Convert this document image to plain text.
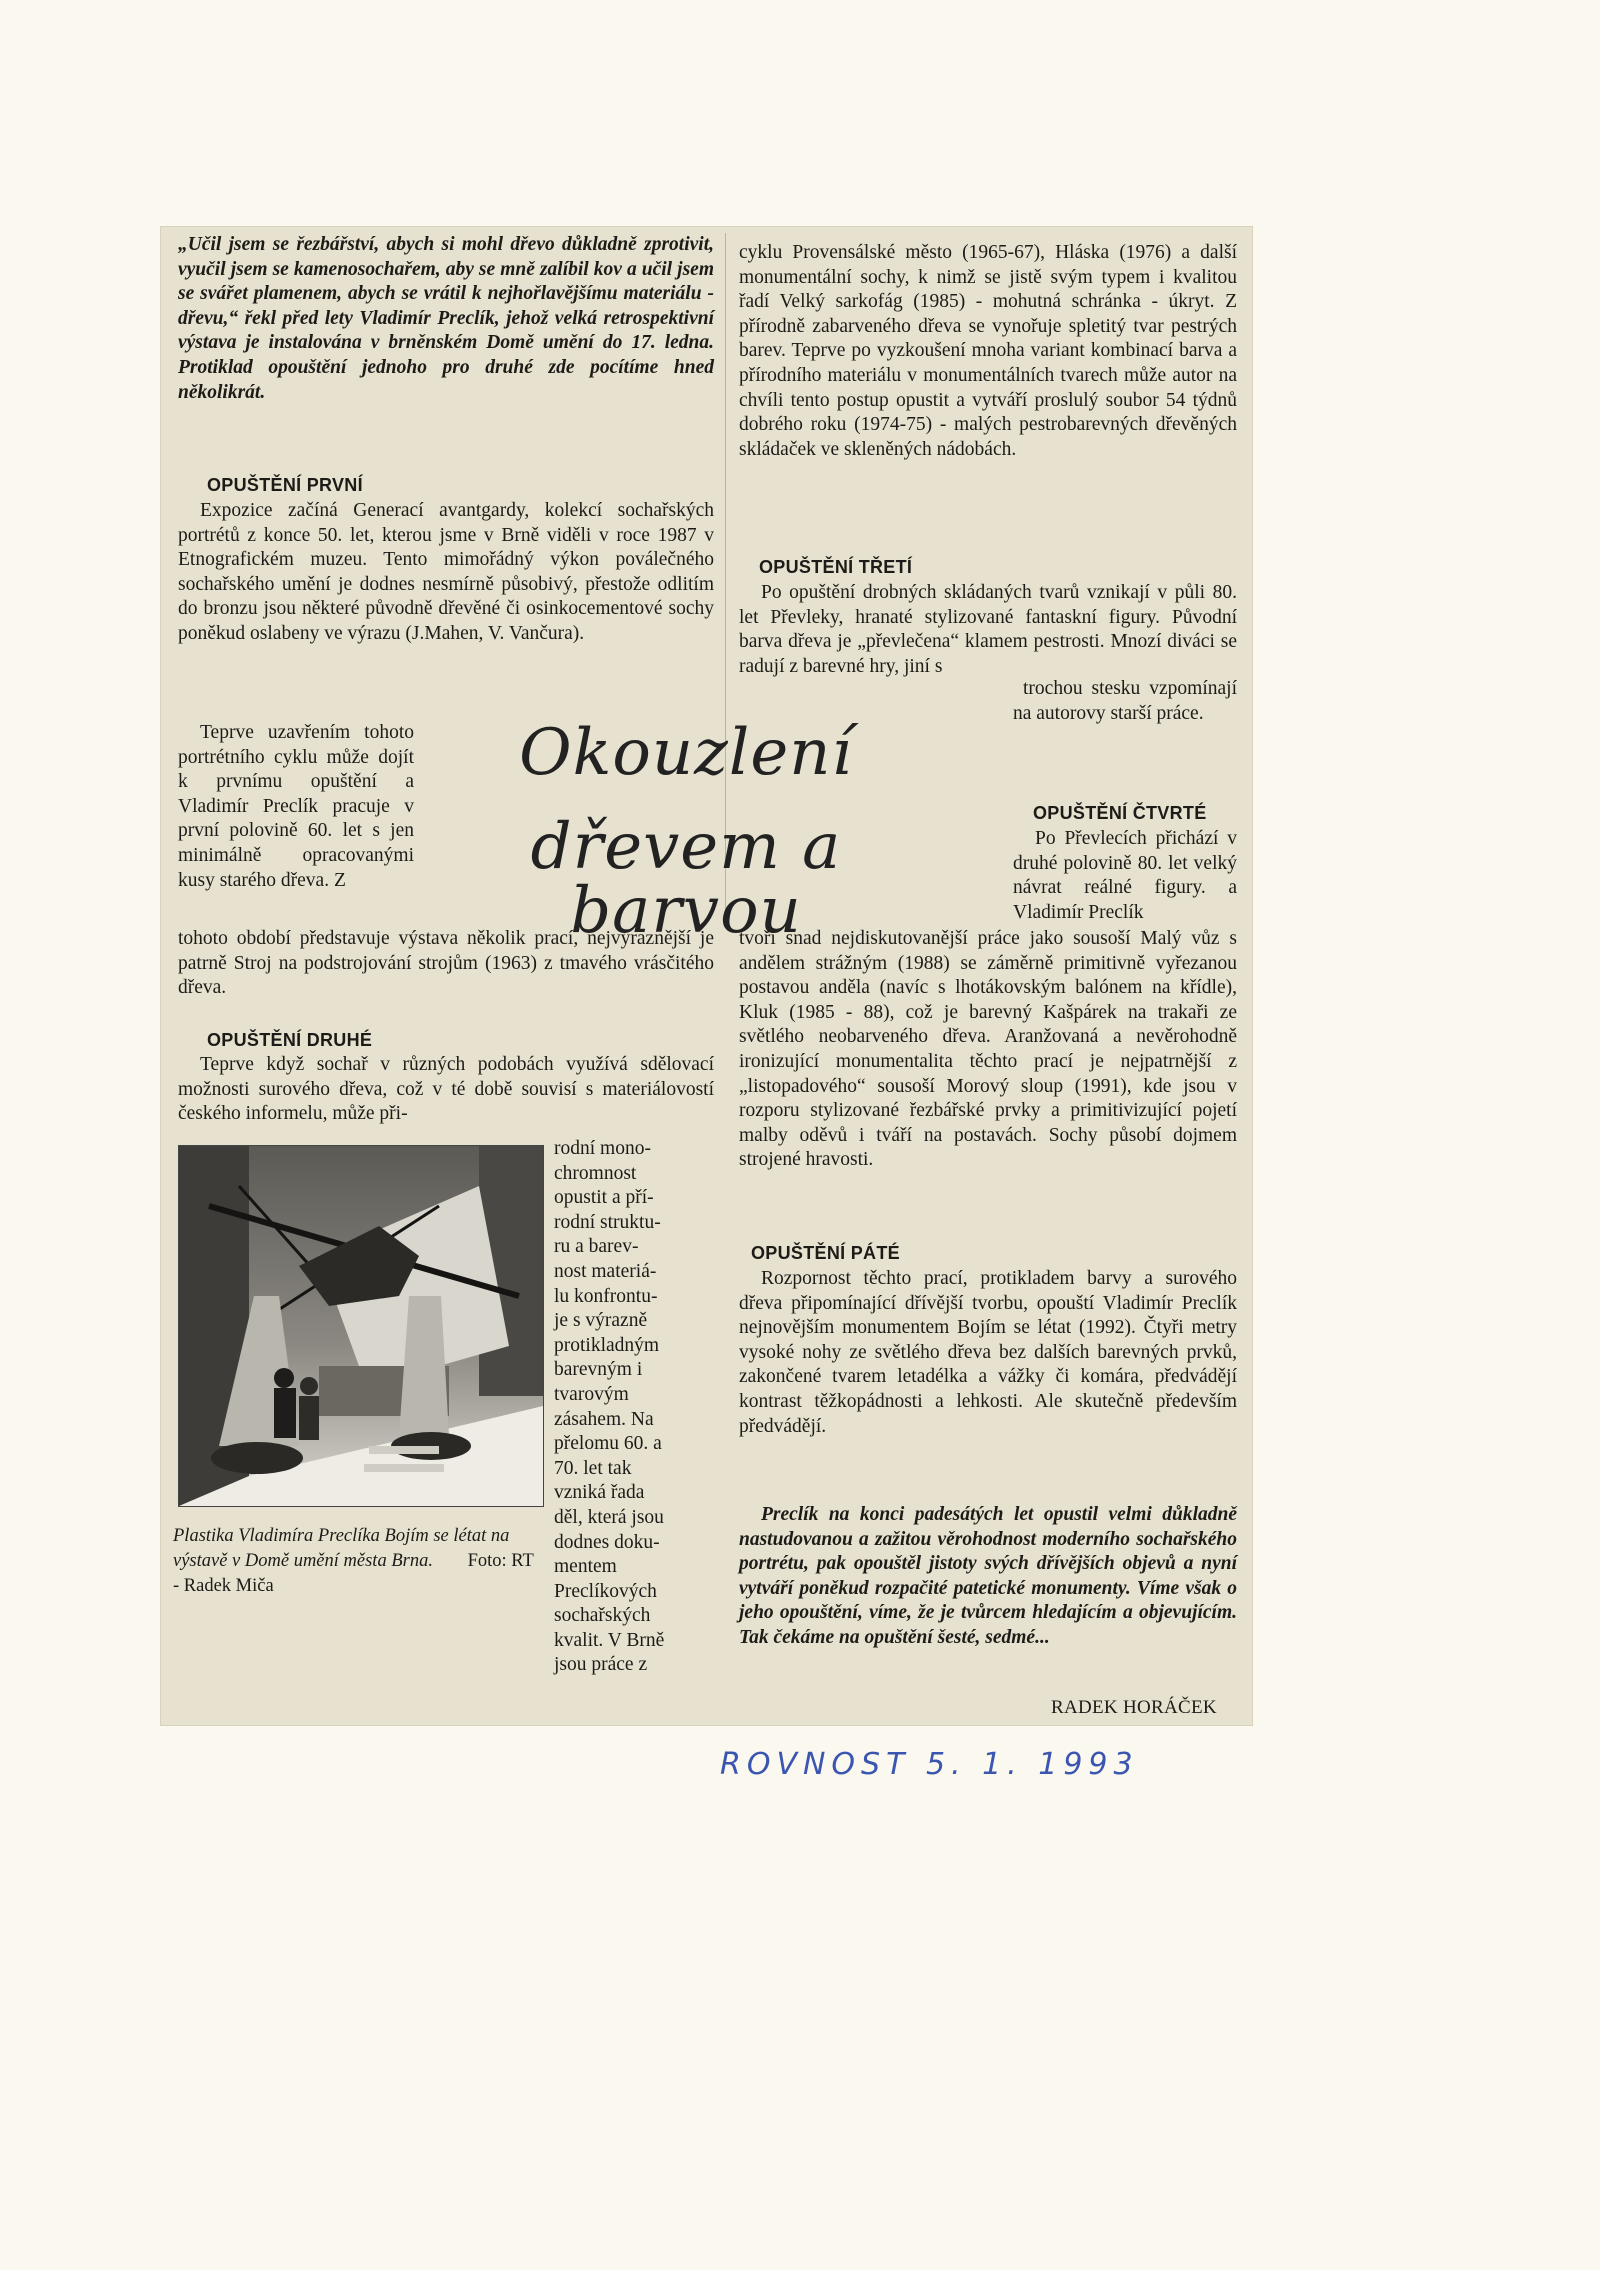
„Učil jsem se řezbářství, abych si mohl dřevo důkladně zprotivit, vyučil jsem se kamenosochařem, aby se mně zalíbil kov a učil jsem se svářet plamenem, abych se vrátil k nejhořlavějšímu materiálu - dřevu,“ řekl před lety Vladimír Preclík, jehož velká retrospektivní výstava je instalována v brněnském Domě umění do 17. ledna. Protiklad opouštění jednoho pro druhé zde pocítíme hned několikrát.

OPUŠTĚNÍ PRVNÍ

Expozice začíná Generací avantgardy, kolekcí sochařských portrétů z konce 50. let, kterou jsme v Brně viděli v roce 1987 v Etnografickém muzeu. Tento mimořádný výkon poválečného sochařského umění je dodnes nesmírně působivý, přestože odlitím do bronzu jsou některé původně dřevěné či osinkocementové sochy poněkud oslabeny ve výrazu (J.Mahen, V. Vančura).

Teprve uzavřením tohoto portrétního cyklu může dojít k prvnímu opuštění a Vladimír Preclík pracuje v první polovině 60. let s jen minimálně opracovanými kusy starého dřeva. Z

tohoto období představuje výstava několik prací, nejvýraznější je patrně Stroj na podstrojování strojům (1963) z tmavého vrásčitého dřeva.

OPUŠTĚNÍ DRUHÉ

Teprve když sochař v různých podobách využívá sdělovací možnosti surového dřeva, což v té době souvisí s materiálovostí českého informelu, může při-

Plastika Vladimíra Preclíka Bojím se létat na výstavě v Domě umění města Brna. Foto: RT - Radek Miča
rodní mono-
chromnost
opustit a pří-
rodní struktu-
ru a barev-
nost materiá-
lu konfrontu-
je s výrazně
protikladným
barevným i
tvarovým
zásahem. Na
přelomu 60. a
70. let tak
vzniká řada
děl, která jsou
dodnes doku-
mentem
Preclíkových
sochařských
kvalit. V Brně
jsou práce z
Okouzlení
dřevem a barvou

cyklu Provensálské město (1965-67), Hláska (1976) a další monumentální sochy, k nimž se jistě svým typem i kvalitou řadí Velký sarkofág (1985) - mohutná schránka - úkryt. Z přírodně zabarveného dřeva se vynořuje spletitý tvar pestrých barev. Teprve po vyzkoušení mnoha variant kombinací barva a přírodního materiálu v monumentálních tvarech může autor na chvíli tento postup opustit a vytváří proslulý soubor 54 týdnů dobrého roku (1974-75) - malých pestrobarevných dřevěných skládaček ve skleněných nádobách.

OPUŠTĚNÍ TŘETÍ

Po opuštění drobných skládaných tvarů vznikají v půli 80. let Převleky, hranaté stylizované fantaskní figury. Původní barva dřeva je „převlečena“ klamem pestrosti. Mnozí diváci se radují z barevné hry, jiní s

trochou stesku vzpomínají na autorovy starší práce.

OPUŠTĚNÍ ČTVRTÉ

Po Převlecích přichází v druhé polovině 80. let velký návrat reálné figury. a Vladimír Preclík

tvoří snad nejdiskutovanější práce jako sousoší Malý vůz s andělem strážným (1988) se záměrně primitivně vyřezanou postavou anděla (navíc s lhotákovským balónem na křídle), Kluk (1985 - 88), což je barevný Kašpárek na trakaři ze světlého neobarveného dřeva. Aranžovaná a nevěrohodně ironizující monumentalita těchto prací je nejpatrnější z „listopadového“ sousoší Morový sloup (1991), kde jsou v rozporu stylizované řezbářské prvky a primitivizující pojetí malby oděvů i tváří na postavách. Sochy působí dojmem strojené hravosti.

OPUŠTĚNÍ PÁTÉ

Rozpornost těchto prací, protikladem barvy a surového dřeva připomínající dřívější tvorbu, opouští Vladimír Preclík nejnovějším monumentem Bojím se létat (1992). Čtyři metry vysoké nohy ze světlého dřeva bez dalších barevných prvků, zakončené tvarem letadélka a vážky či komára, předvádějí kontrast těžkopádnosti a lehkosti. Ale skutečně především předvádějí.

Preclík na konci padesátých let opustil velmi důkladně nastudovanou a zažitou věrohodnost moderního sochařského portrétu, pak opouštěl jistoty svých dřívějších objevů a nyní vytváří poněkud rozpačité patetické monumenty. Víme však o jeho opouštění, víme, že je tvůrcem hledajícím a objevujícím. Tak čekáme na opuštění šesté, sedmé...

RADEK HORÁČEK
ROVNOST 5. 1. 1993
